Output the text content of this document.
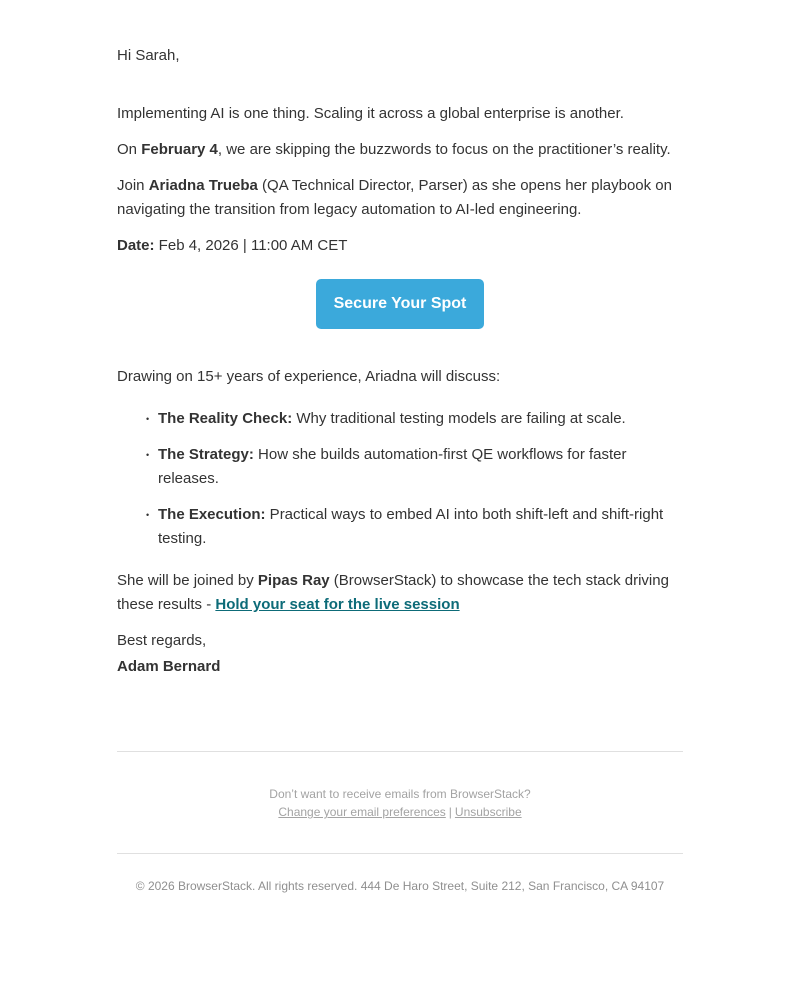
Hi Sarah,

Implementing AI is one thing. Scaling it across a global enterprise is another.

On February 4, we are skipping the buzzwords to focus on the practitioner’s reality.

Join Ariadna Trueba (QA Technical Director, Parser) as she opens her playbook on navigating the transition from legacy automation to AI-led engineering.

Date: Feb 4, 2026 | 11:00 AM CET

Secure Your Spot

Drawing on 15+ years of experience, Ariadna will discuss:

• The Reality Check: Why traditional testing models are failing at scale.
• The Strategy: How she builds automation-first QE workflows for faster releases.
• The Execution: Practical ways to embed AI into both shift-left and shift-right testing.

She will be joined by Pipas Ray (BrowserStack) to showcase the tech stack driving these results - Hold your seat for the live session

Best regards,

Adam Bernard

Don’t want to receive emails from BrowserStack?
Change your email preferences | Unsubscribe
© 2026 BrowserStack. All rights reserved. 444 De Haro Street, Suite 212, San Francisco, CA 94107
